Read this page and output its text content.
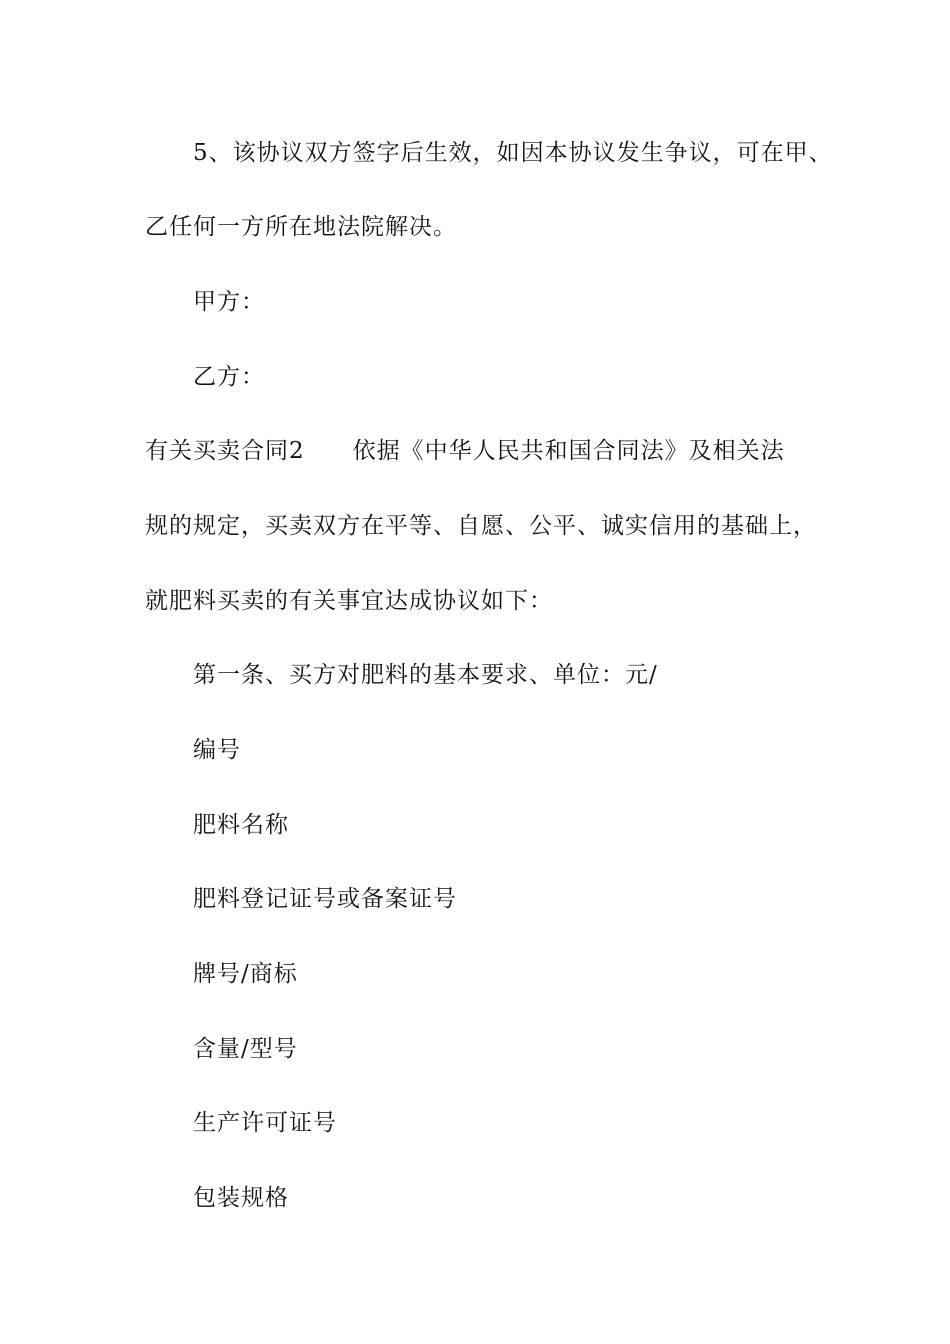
5、该协议双方签字后生效，如因本协议发生争议，可在甲、
乙任何一方所在地法院解决。
甲方：
乙方：
有关买卖合同2　　依据《中华人民共和国合同法》及相关法
规的规定，买卖双方在平等、自愿、公平、诚实信用的基础上，
就肥料买卖的有关事宜达成协议如下：
第一条、买方对肥料的基本要求、单位：元/
编号
肥料名称
肥料登记证号或备案证号
牌号/商标
含量/型号
生产许可证号
包装规格
